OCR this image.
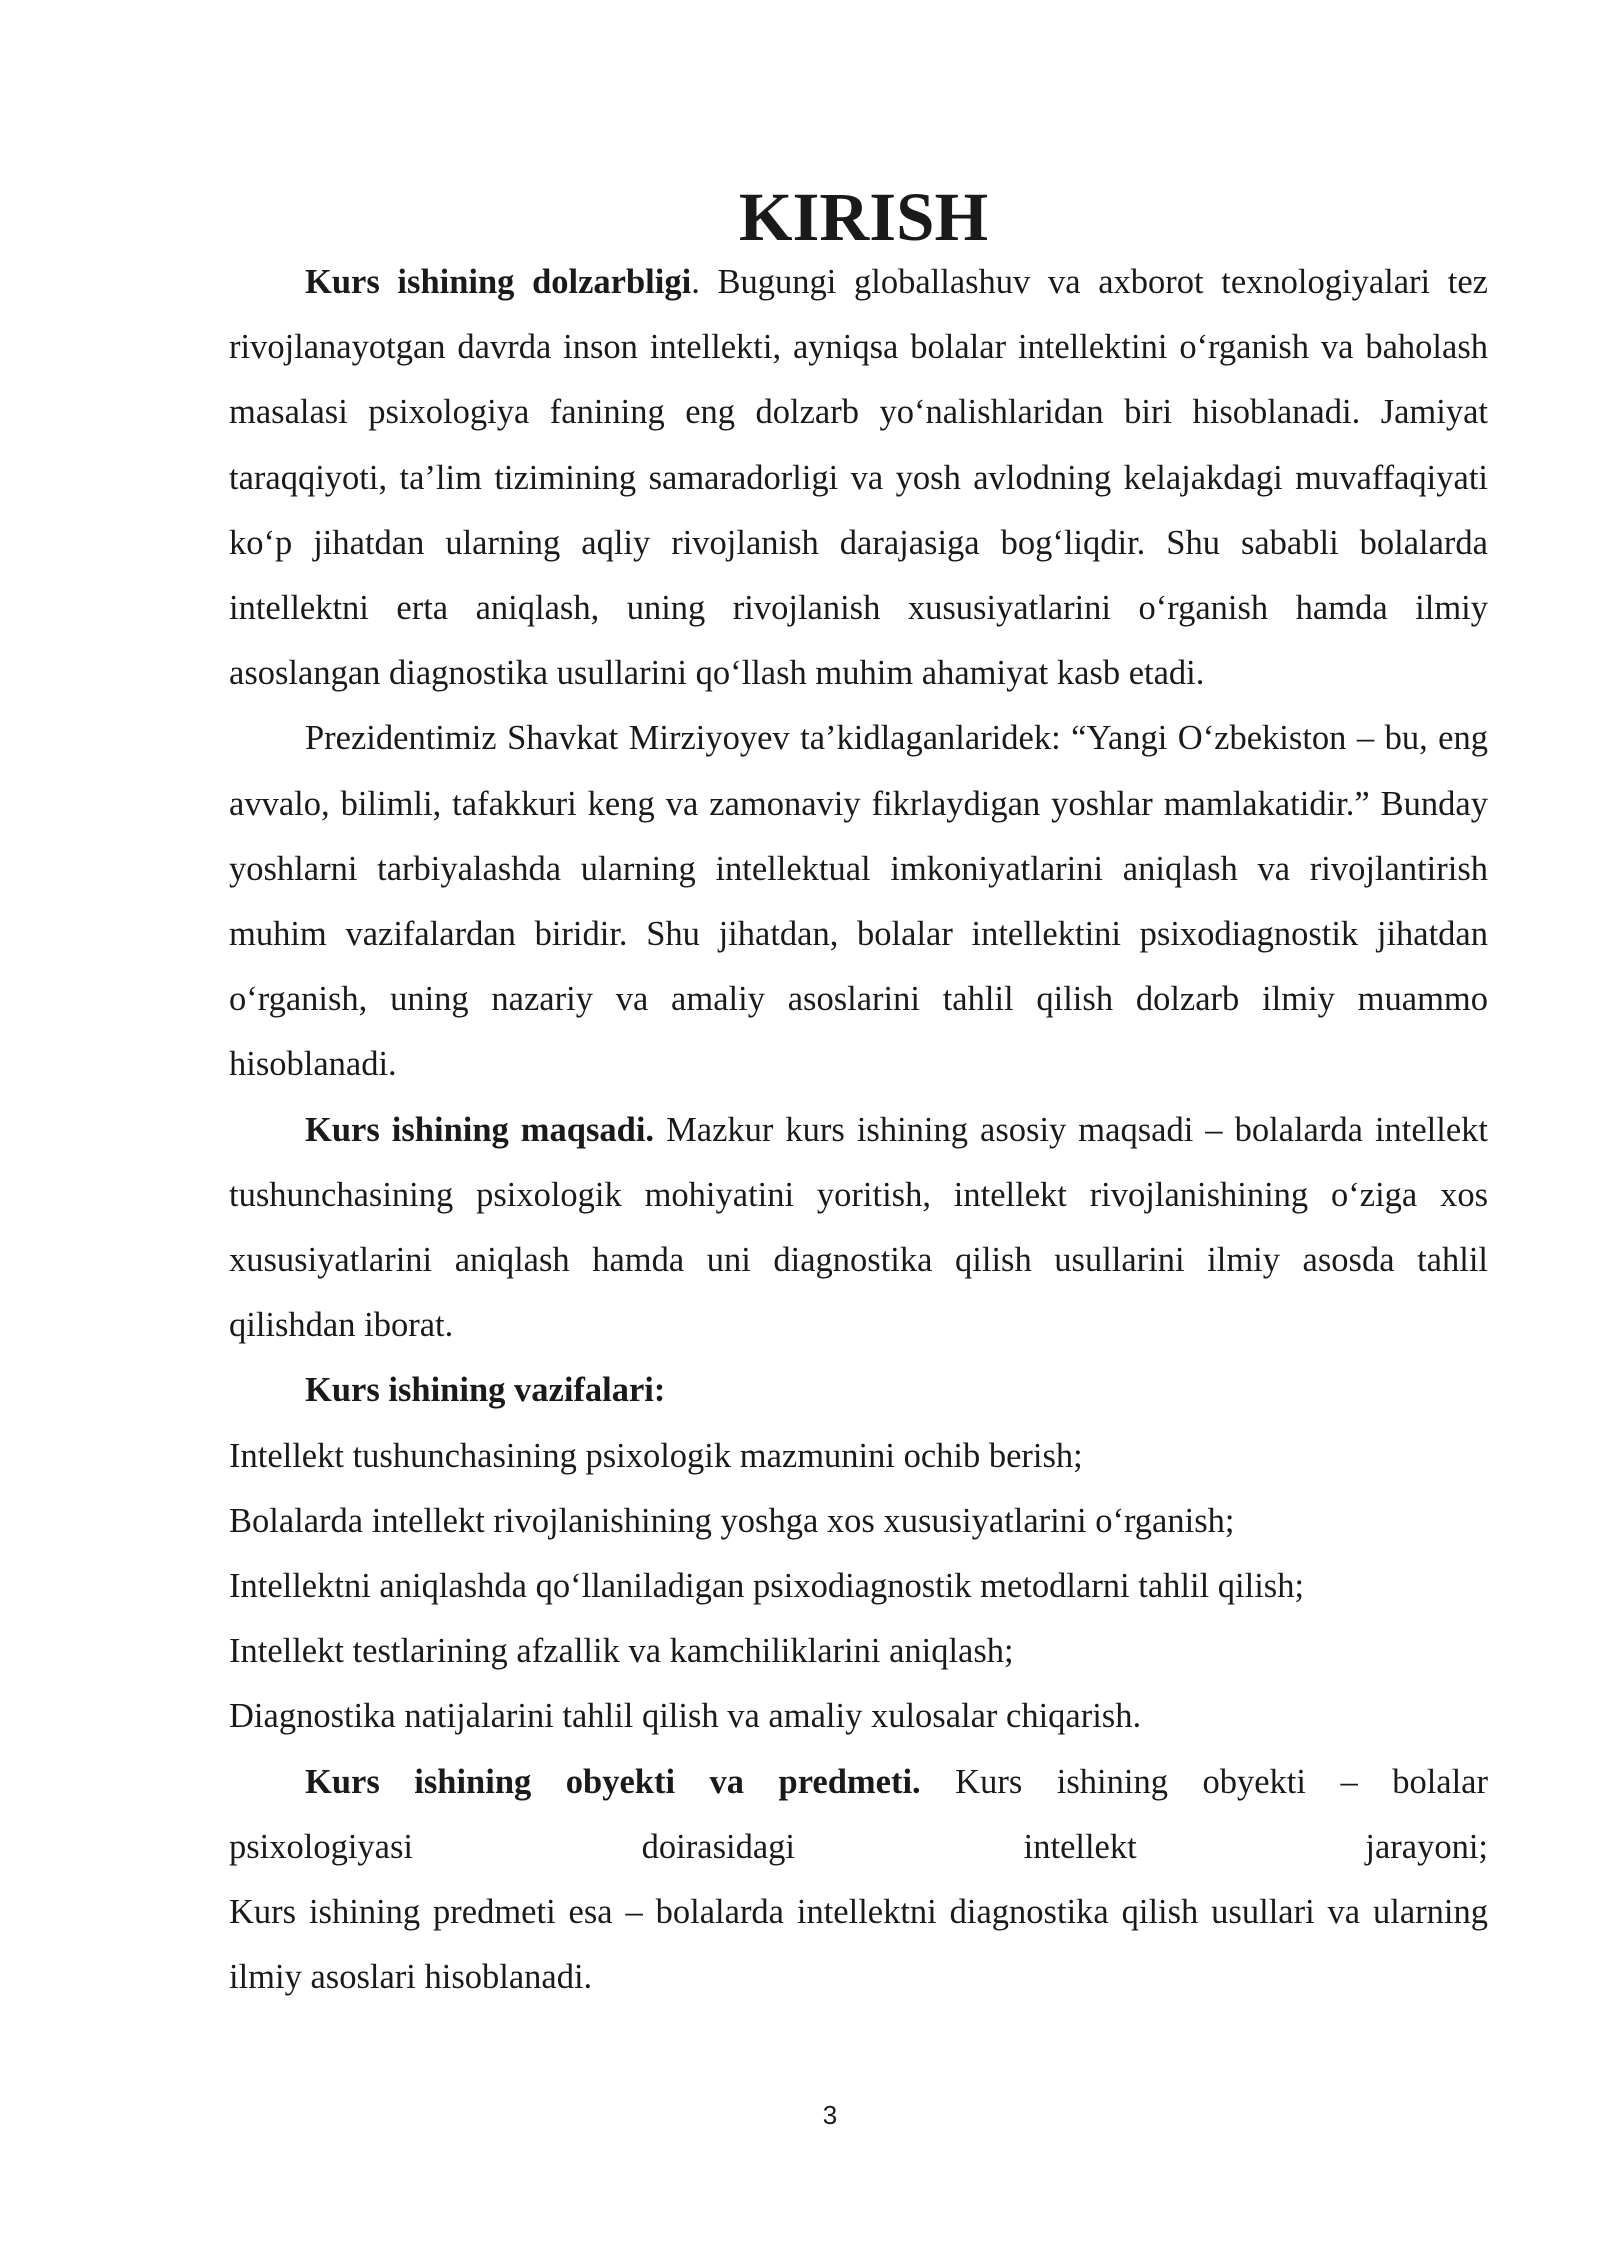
KIRISH

Kurs ishining dolzarbligi. Bugungi globallashuv va axborot texnologiyalari tez rivojlanayotgan davrda inson intellekti, ayniqsa bolalar intellektini o‘rganish va baholash masalasi psixologiya fanining eng dolzarb yo‘nalishlaridan biri hisoblanadi. Jamiyat taraqqiyoti, ta’lim tizimining samaradorligi va yosh avlodning kelajakdagi muvaffaqiyati ko‘p jihatdan ularning aqliy rivojlanish darajasiga bog‘liqdir. Shu sababli bolalarda intellektni erta aniqlash, uning rivojlanish xususiyatlarini o‘rganish hamda ilmiy asoslangan diagnostika usullarini qo‘llash muhim ahamiyat kasb etadi.

Prezidentimiz Shavkat Mirziyoyev ta’kidlaganlaridek: “Yangi O‘zbekiston – bu, eng avvalo, bilimli, tafakkuri keng va zamonaviy fikrlaydigan yoshlar mamlakatidir.” Bunday yoshlarni tarbiyalashda ularning intellektual imkoniyatlarini aniqlash va rivojlantirish muhim vazifalardan biridir. Shu jihatdan, bolalar intellektini psixodiagnostik jihatdan o‘rganish, uning nazariy va amaliy asoslarini tahlil qilish dolzarb ilmiy muammo hisoblanadi.

Kurs ishining maqsadi. Mazkur kurs ishining asosiy maqsadi – bolalarda intellekt tushunchasining psixologik mohiyatini yoritish, intellekt rivojlanishining o‘ziga xos xususiyatlarini aniqlash hamda uni diagnostika qilish usullarini ilmiy asosda tahlil qilishdan iborat.

Kurs ishining vazifalari:

Intellekt tushunchasining psixologik mazmunini ochib berish;
Bolalarda intellekt rivojlanishining yoshga xos xususiyatlarini o‘rganish;
Intellektni aniqlashda qo‘llaniladigan psixodiagnostik metodlarni tahlil qilish;
Intellekt testlarining afzallik va kamchiliklarini aniqlash;
Diagnostika natijalarini tahlil qilish va amaliy xulosalar chiqarish.

Kurs ishining obyekti va predmeti. Kurs ishining obyekti – bolalar

psixologiyasi doirasidagi intellekt jarayoni;

Kurs ishining predmeti esa – bolalarda intellektni diagnostika qilish usullari va ularning ilmiy asoslari hisoblanadi.

3
